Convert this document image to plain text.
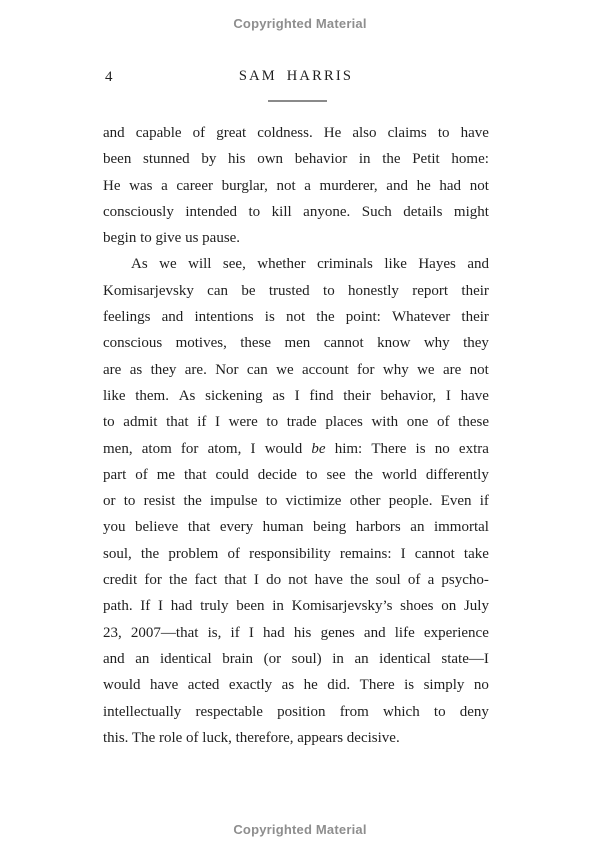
Copyrighted Material
4	SAM HARRIS
and capable of great coldness. He also claims to have
been stunned by his own behavior in the Petit home:
He was a career burglar, not a murderer, and he had not
consciously intended to kill anyone. Such details might
begin to give us pause.
As we will see, whether criminals like Hayes and
Komisarjevsky can be trusted to honestly report their
feelings and intentions is not the point: Whatever their
conscious motives, these men cannot know why they
are as they are. Nor can we account for why we are not
like them. As sickening as I find their behavior, I have
to admit that if I were to trade places with one of these
men, atom for atom, I would be him: There is no extra
part of me that could decide to see the world differently
or to resist the impulse to victimize other people. Even if
you believe that every human being harbors an immortal
soul, the problem of responsibility remains: I cannot take
credit for the fact that I do not have the soul of a psycho-
path. If I had truly been in Komisarjevsky’s shoes on July
23, 2007—that is, if I had his genes and life experience
and an identical brain (or soul) in an identical state—I
would have acted exactly as he did. There is simply no
intellectually respectable position from which to deny
this. The role of luck, therefore, appears decisive.
Copyrighted Material
